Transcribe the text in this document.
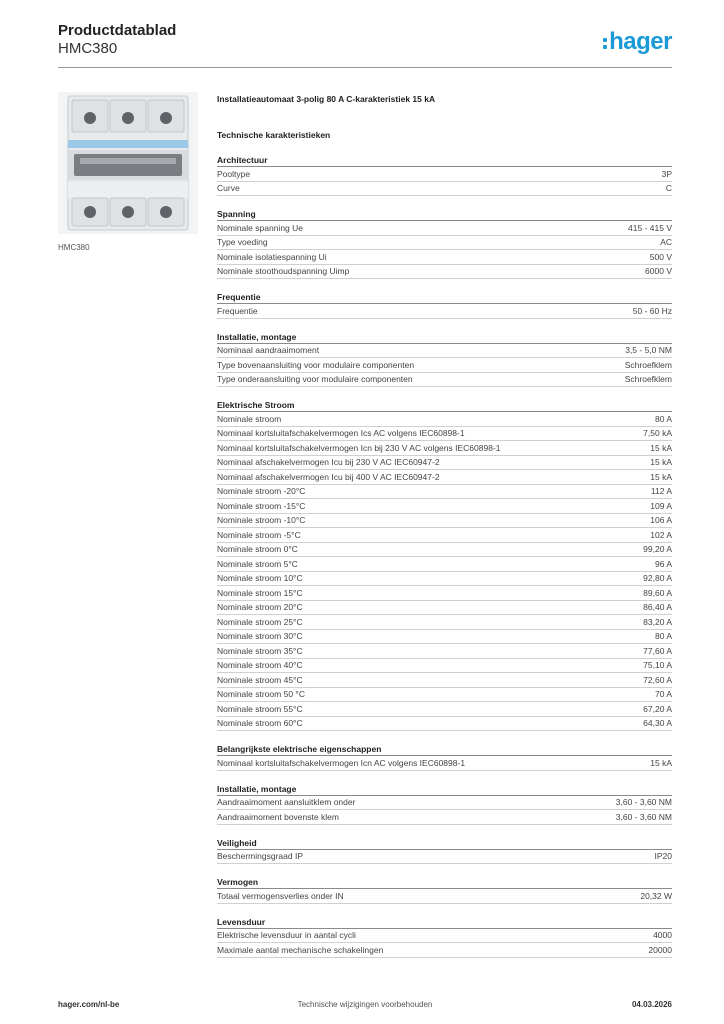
Productdatablad
HMC380	hager
HMC380
Installatieautomaat 3-polig 80 A C-karakteristiek 15 kA
Technische karakteristieken
Architectuur
Pooltype	3P
Curve	C
Spanning
Nominale spanning Ue	415 - 415 V
Type voeding	AC
Nominale isolatiespanning Ui	500 V
Nominale stoothoudspanning Uimp	6000 V
Frequentie
Frequentie	50 - 60 Hz
Installatie, montage
Nominaal aandraaimoment	3,5 - 5,0 NM
Type bovenaansluiting voor modulaire componenten	Schroefklem
Type onderaansluiting voor modulaire componenten	Schroefklem
Elektrische Stroom
Nominale stroom	80 A
Nominaal kortsluitafschakelvermogen Ics AC volgens IEC60898-1	7,50 kA
Nominaal kortsluitafschakelvermogen Icn bij 230 V AC volgens IEC60898-1	15 kA
Nominaal afschakelvermogen Icu bij 230 V AC IEC60947-2	15 kA
Nominaal afschakelvermogen Icu bij 400 V AC IEC60947-2	15 kA
Nominale stroom -20°C	112 A
Nominale stroom -15°C	109 A
Nominale stroom -10°C	106 A
Nominale stroom -5°C	102 A
Nominale stroom 0°C	99,20 A
Nominale stroom 5°C	96 A
Nominale stroom 10°C	92,80 A
Nominale stroom 15°C	89,60 A
Nominale stroom 20°C	86,40 A
Nominale stroom 25°C	83,20 A
Nominale stroom 30°C	80 A
Nominale stroom 35°C	77,60 A
Nominale stroom 40°C	75,10 A
Nominale stroom 45°C	72,60 A
Nominale stroom 50 °C	70 A
Nominale stroom 55°C	67,20 A
Nominale stroom 60°C	64,30 A
Belangrijkste elektrische eigenschappen
Nominaal kortsluitafschakelvermogen Icn AC volgens IEC60898-1	15 kA
Installatie, montage
Aandraaimoment aansluitklem onder	3,60 - 3,60 NM
Aandraaimoment bovenste klem	3,60 - 3,60 NM
Veiligheid
Beschermingsgraad IP	IP20
Vermogen
Totaal vermogensverlies onder IN	20,32 W
Levensduur
Elektrische levensduur in aantal cycli	4000
Maximale aantal mechanische schakelingen	20000
hager.com/nl-be	Technische wijzigingen voorbehouden	04.03.2026
